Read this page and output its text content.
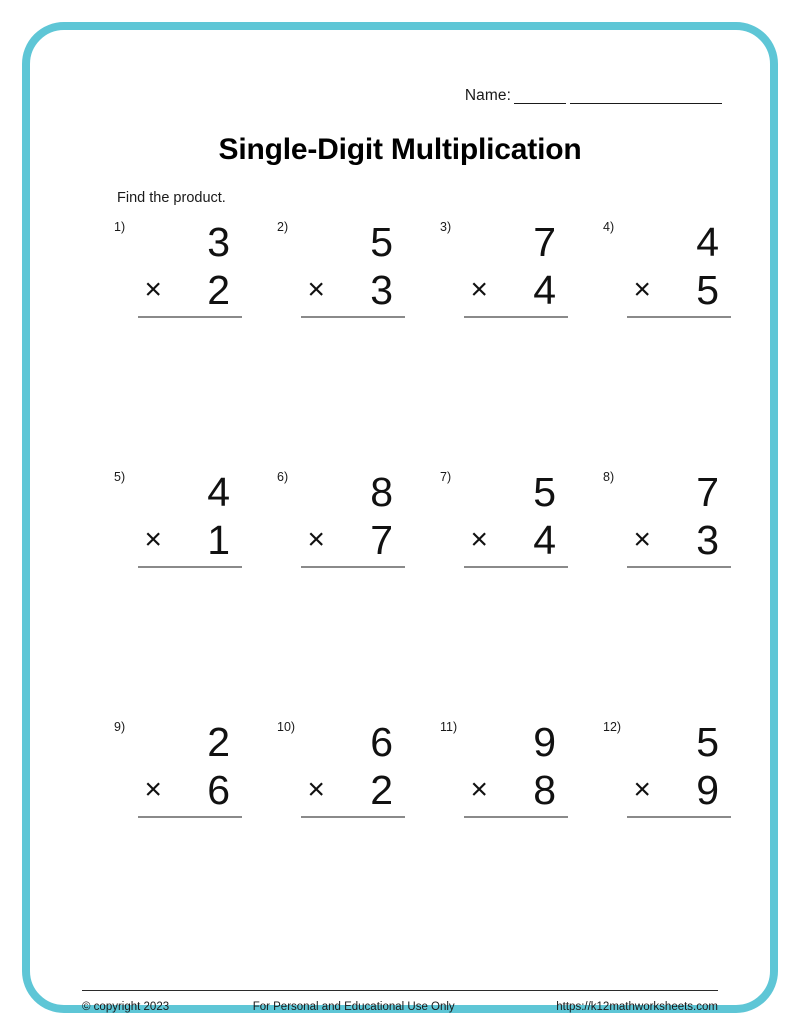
Name:
Single-Digit Multiplication
Find the product.
1)	3
× 2
2)	5
× 3
3)	7
× 4
4)	4
× 5
5)	4
× 1
6)	8
× 7
7)	5
× 4
8)	7
× 3
9)	2
× 6
10)	6
× 2
11)	9
× 8
12)	5
× 9
© copyright 2023	For Personal and Educational Use Only	https://k12mathworksheets.com
